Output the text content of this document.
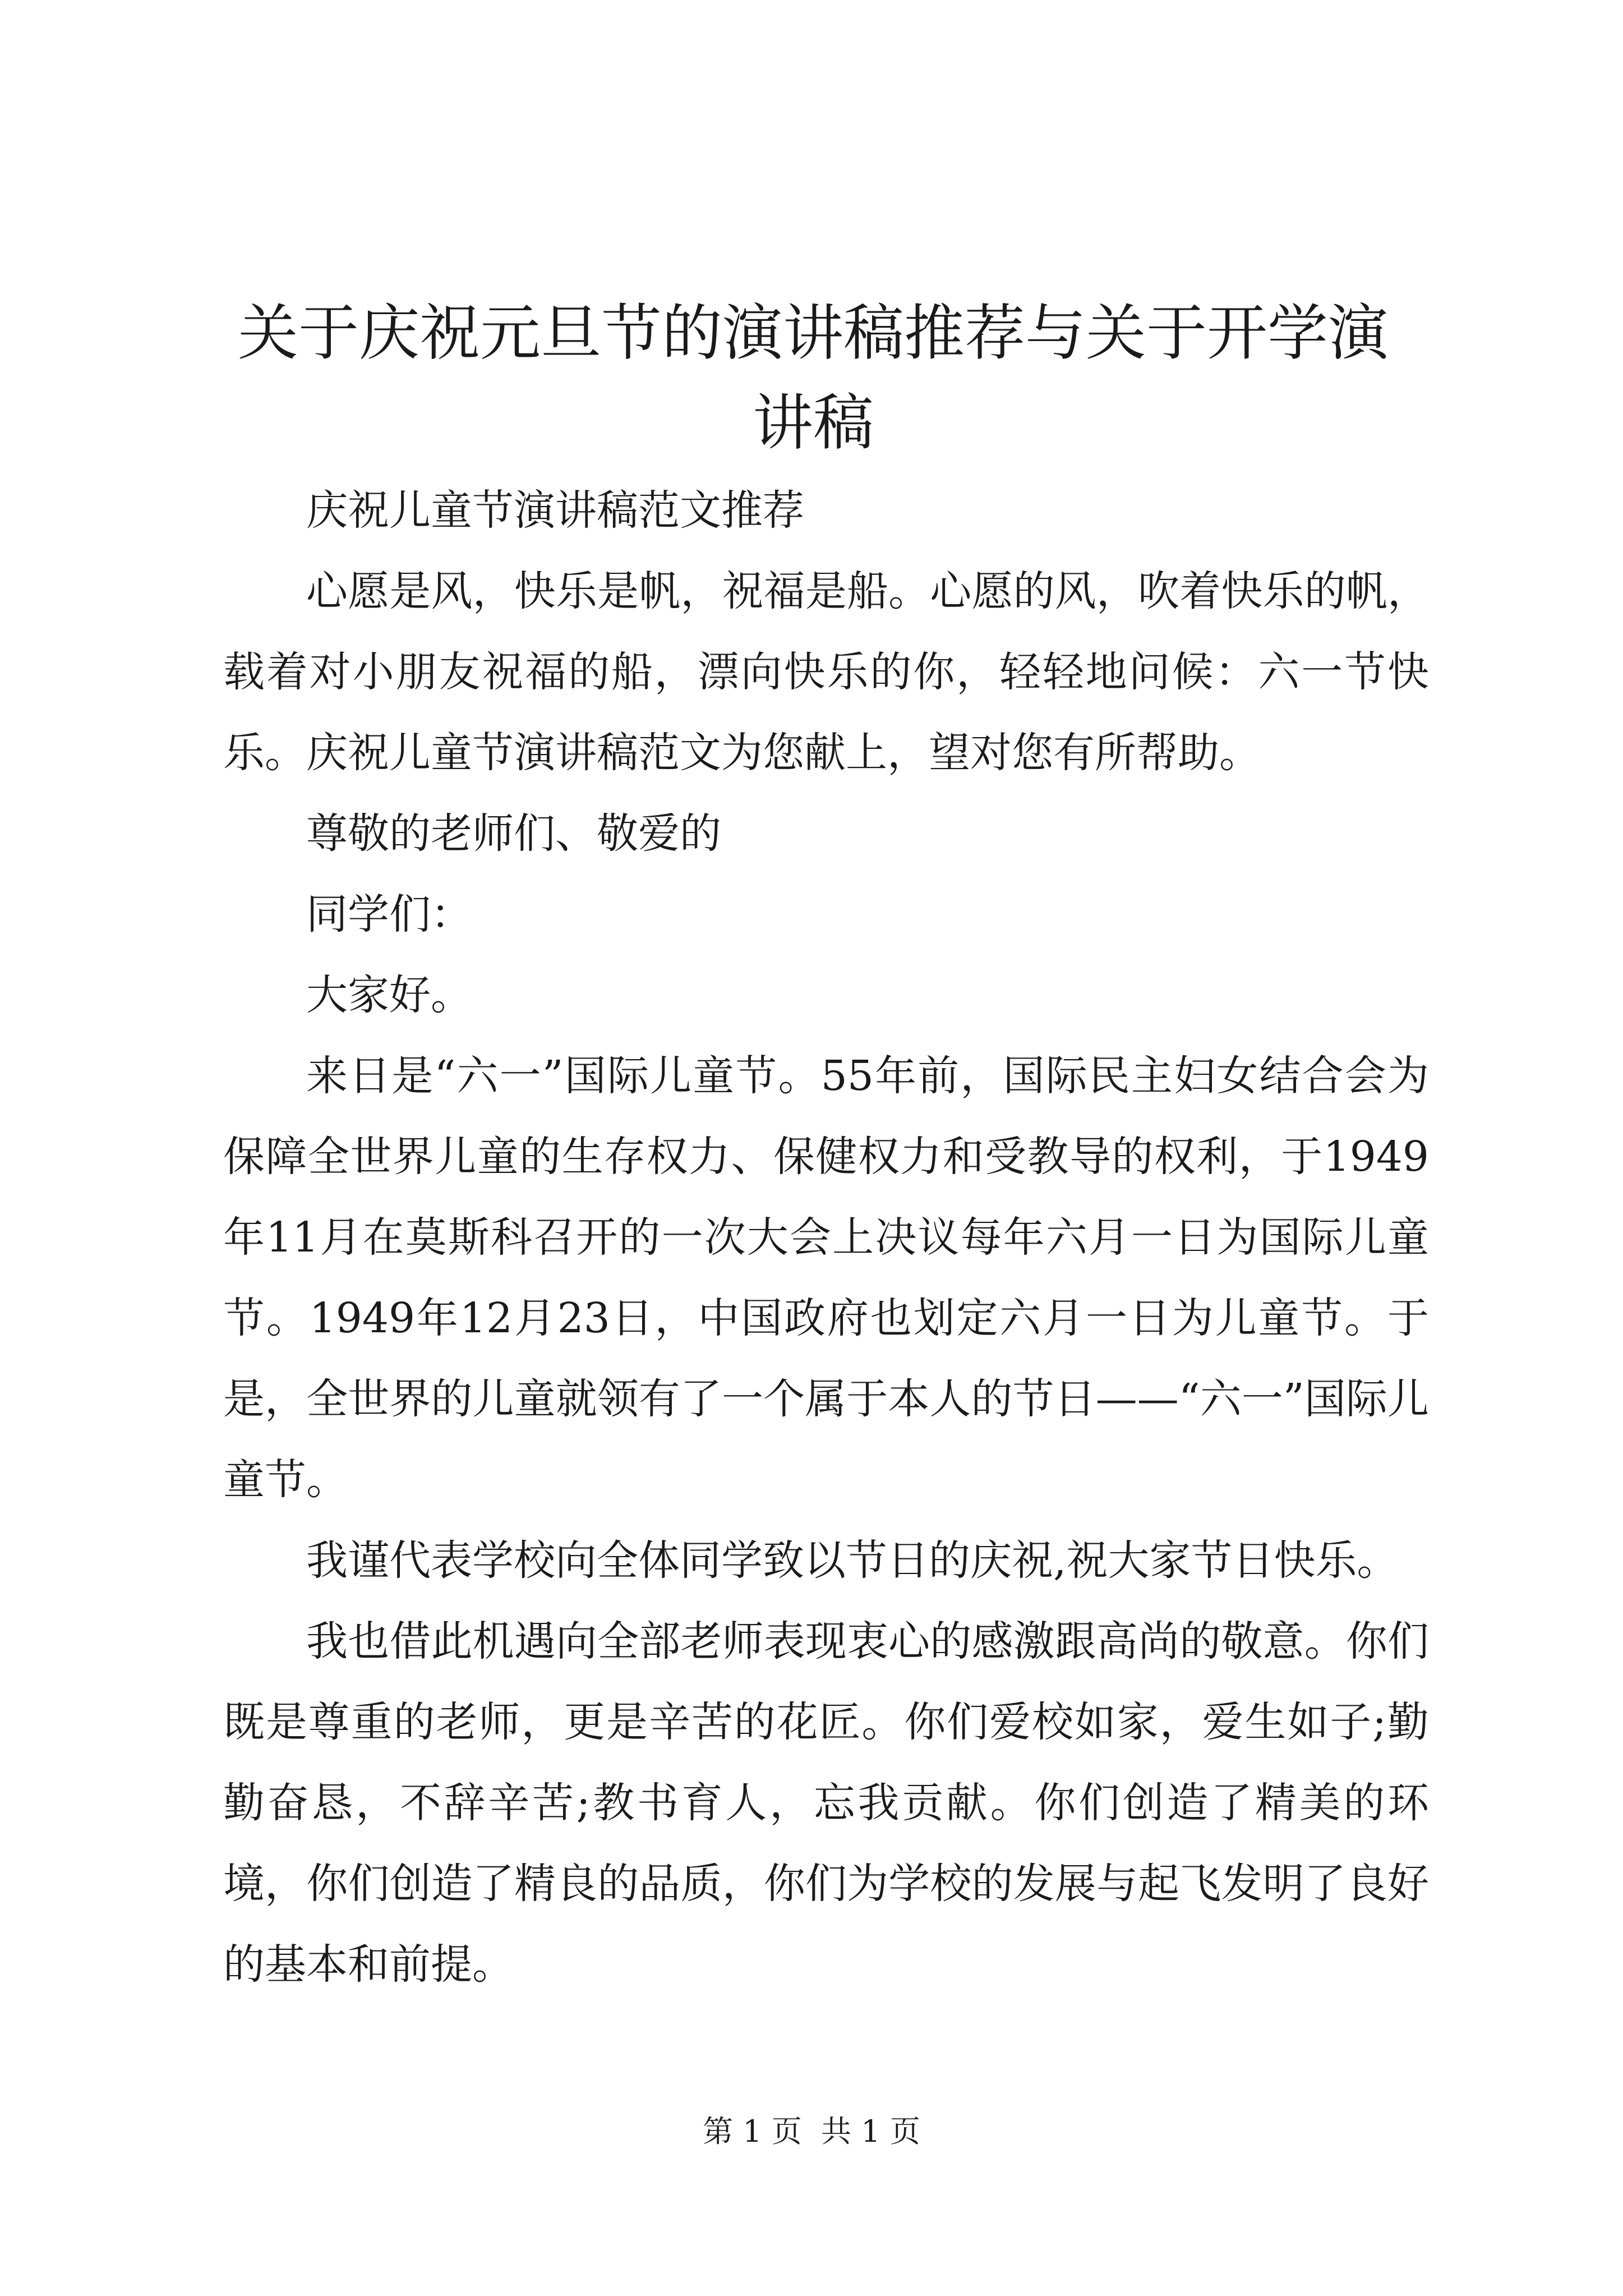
关于庆祝元旦节的演讲稿推荐与关于开学演讲稿

庆祝儿童节演讲稿范文推荐

心愿是风，快乐是帆，祝福是船。心愿的风，吹着快乐的帆，载着对小朋友祝福的船，漂向快乐的你，轻轻地问候：六一节快乐。庆祝儿童节演讲稿范文为您献上，望对您有所帮助。

尊敬的老师们、敬爱的

同学们：

大家好。

来日是“六一”国际儿童节。55年前，国际民主妇女结合会为保障全世界儿童的生存权力、保健权力和受教导的权利，于1949年11月在莫斯科召开的一次大会上决议每年六月一日为国际儿童节。1949年12月23日，中国政府也划定六月一日为儿童节。于是，全世界的儿童就领有了一个属于本人的节日——“六一”国际儿童节。

我谨代表学校向全体同学致以节日的庆祝,祝大家节日快乐。

我也借此机遇向全部老师表现衷心的感激跟高尚的敬意。你们既是尊重的老师，更是辛苦的花匠。你们爱校如家，爱生如子;勤勤奋恳，不辞辛苦;教书育人，忘我贡献。你们创造了精美的环境，你们创造了精良的品质，你们为学校的发展与起飞发明了良好的基本和前提。

第 1 页  共 1 页
